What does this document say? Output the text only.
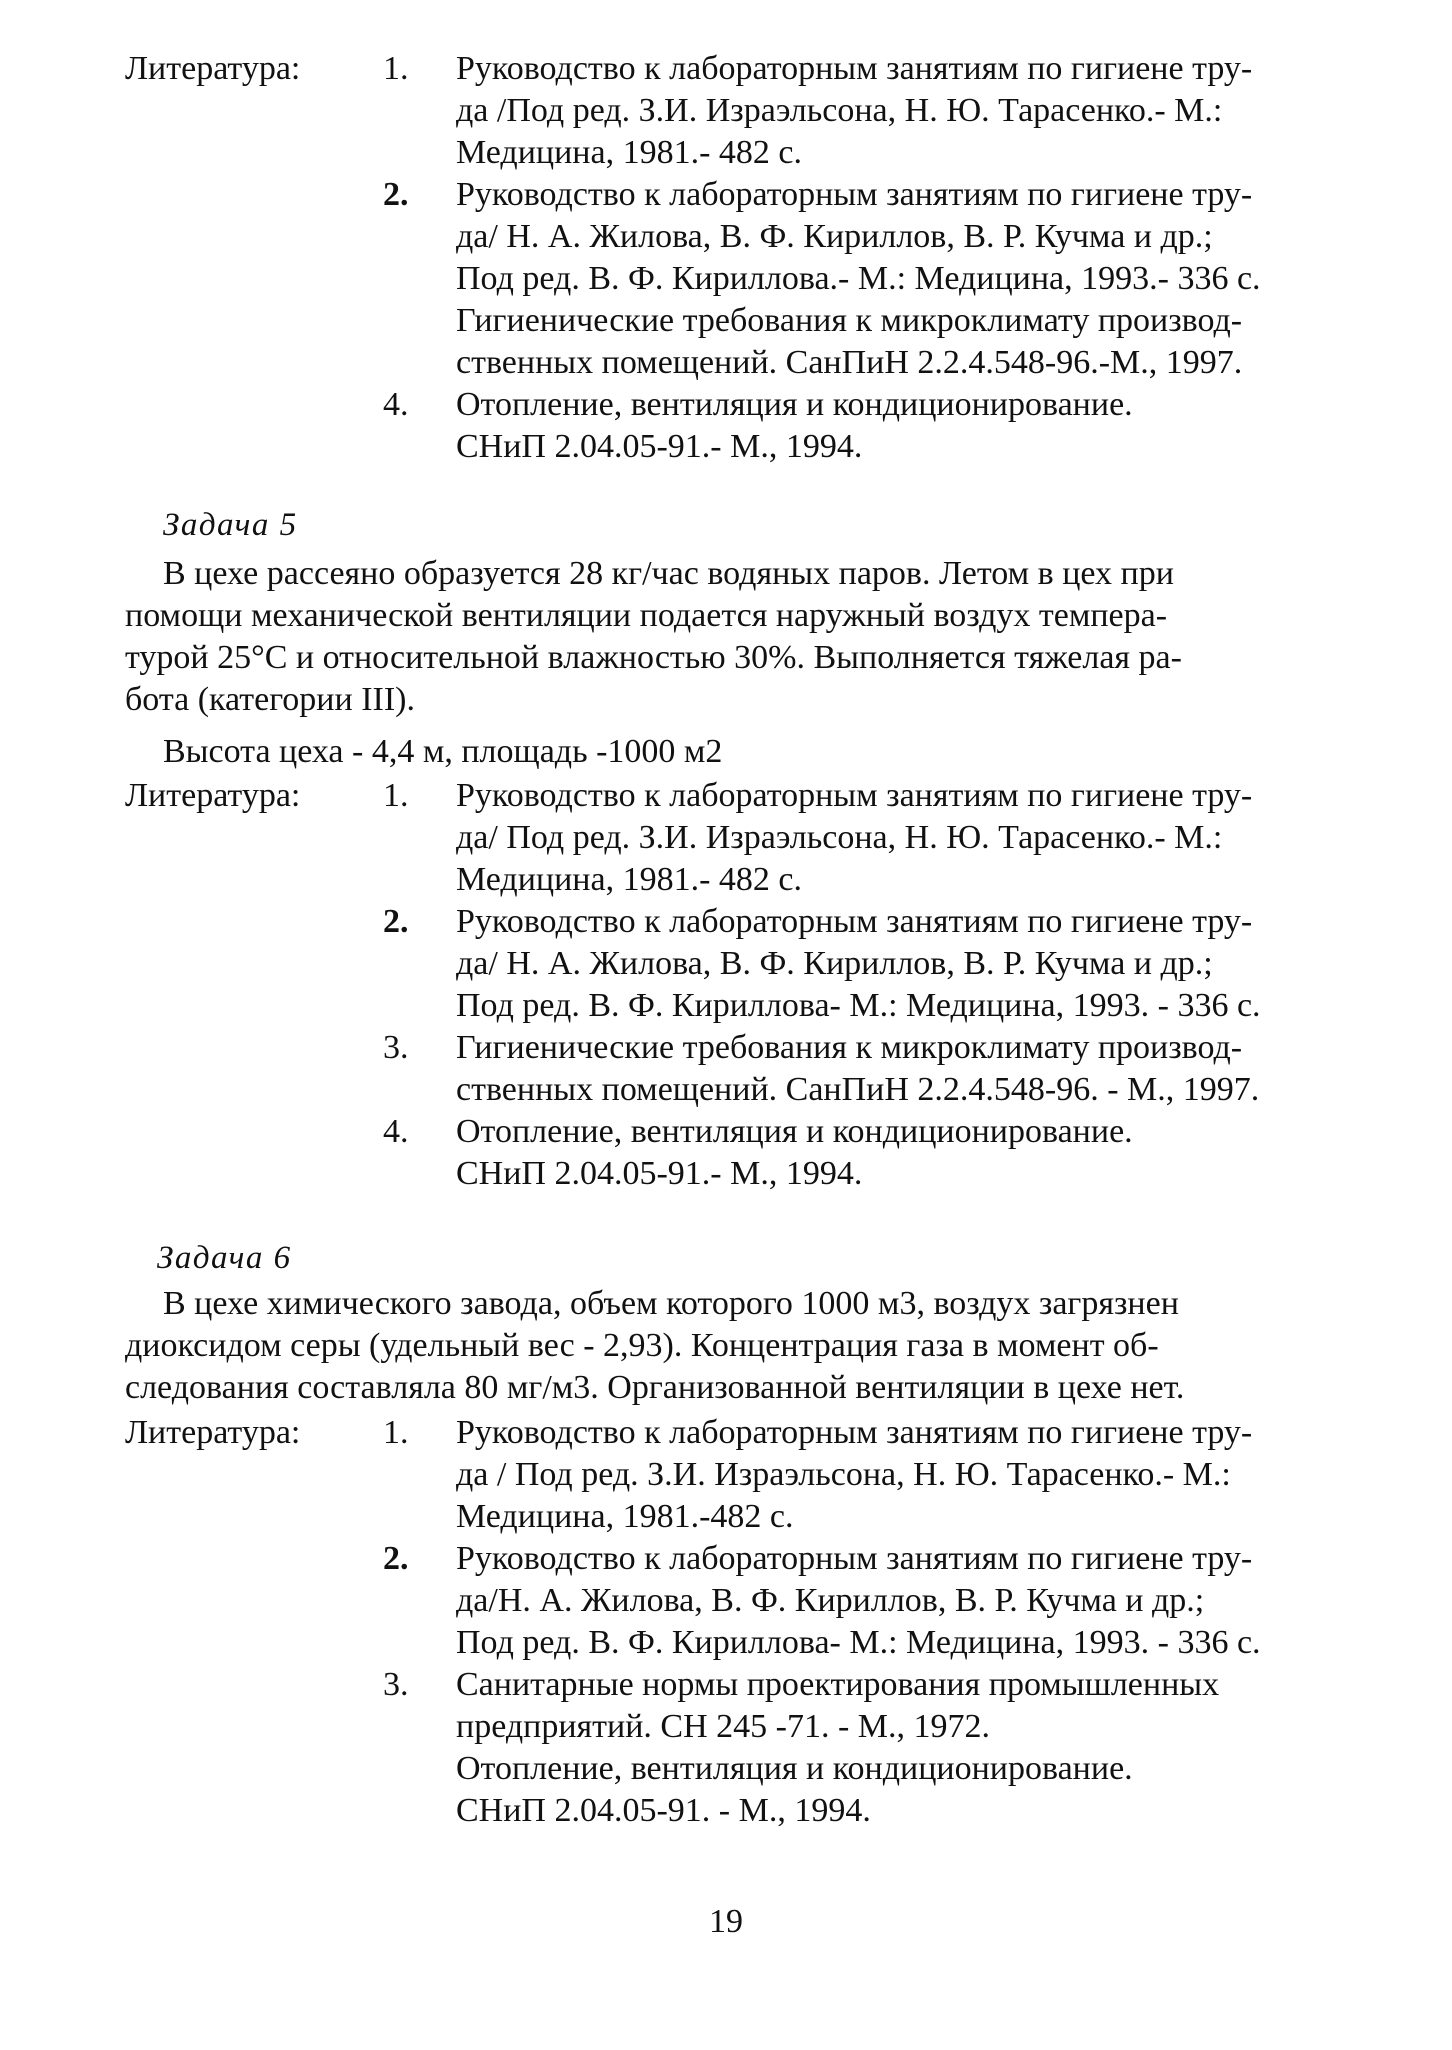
Литература: 1.	Руководство к лабораторным занятиям по гигиене тру-
да /Под ред. З.И. Израэльсона, Н. Ю. Тарасенко.- М.:
Медицина, 1981.- 482 с.
2.	Руководство к лабораторным занятиям по гигиене тру-
да/ Н. А. Жилова, В. Ф. Кириллов, В. Р. Кучма и др.;
Под ред. В. Ф. Кириллова.- М.: Медицина, 1993.- 336 с.
Гигиенические требования к микроклимату производ-
ственных помещений. СанПиН 2.2.4.548-96.-М., 1997.
4.	Отопление, вентиляция и кондиционирование.
СНиП 2.04.05-91.- М., 1994.
Задача 5
В цехе рассеяно образуется 28 кг/час водяных паров. Летом в цех при
помощи механической вентиляции подается наружный воздух темпера-
турой 25°С и относительной влажностью 30%. Выполняется тяжелая ра-
бота (категории III).
Высота цеха - 4,4 м, площадь -1000 м2
Литература: 1.	Руководство к лабораторным занятиям по гигиене тру-
да/ Под ред. З.И. Израэльсона, Н. Ю. Тарасенко.- М.:
Медицина, 1981.- 482 с.
2.	Руководство к лабораторным занятиям по гигиене тру-
да/ Н. А. Жилова, В. Ф. Кириллов, В. Р. Кучма и др.;
Под ред. В. Ф. Кириллова- М.: Медицина, 1993. - 336 с.
3.	Гигиенические требования к микроклимату производ-
ственных помещений. СанПиН 2.2.4.548-96. - М., 1997.
4.	Отопление, вентиляция и кондиционирование.
СНиП 2.04.05-91.- М., 1994.
Задача 6
В цехе химического завода, объем которого 1000 м3, воздух загрязнен
диоксидом серы (удельный вес - 2,93). Концентрация газа в момент об-
следования составляла 80 мг/м3. Организованной вентиляции в цехе нет.
Литература: 1.	Руководство к лабораторным занятиям по гигиене тру-
да / Под ред. З.И. Израэльсона, Н. Ю. Тарасенко.- М.:
Медицина, 1981.-482 с.
2.	Руководство к лабораторным занятиям по гигиене тру-
да/Н. А. Жилова, В. Ф. Кириллов, В. Р. Кучма и др.;
Под ред. В. Ф. Кириллова- М.: Медицина, 1993. - 336 с.
3.	Санитарные нормы проектирования промышленных
предприятий. СН 245 -71. - М., 1972.
Отопление, вентиляция и кондиционирование.
СНиП 2.04.05-91. - М., 1994.
19
